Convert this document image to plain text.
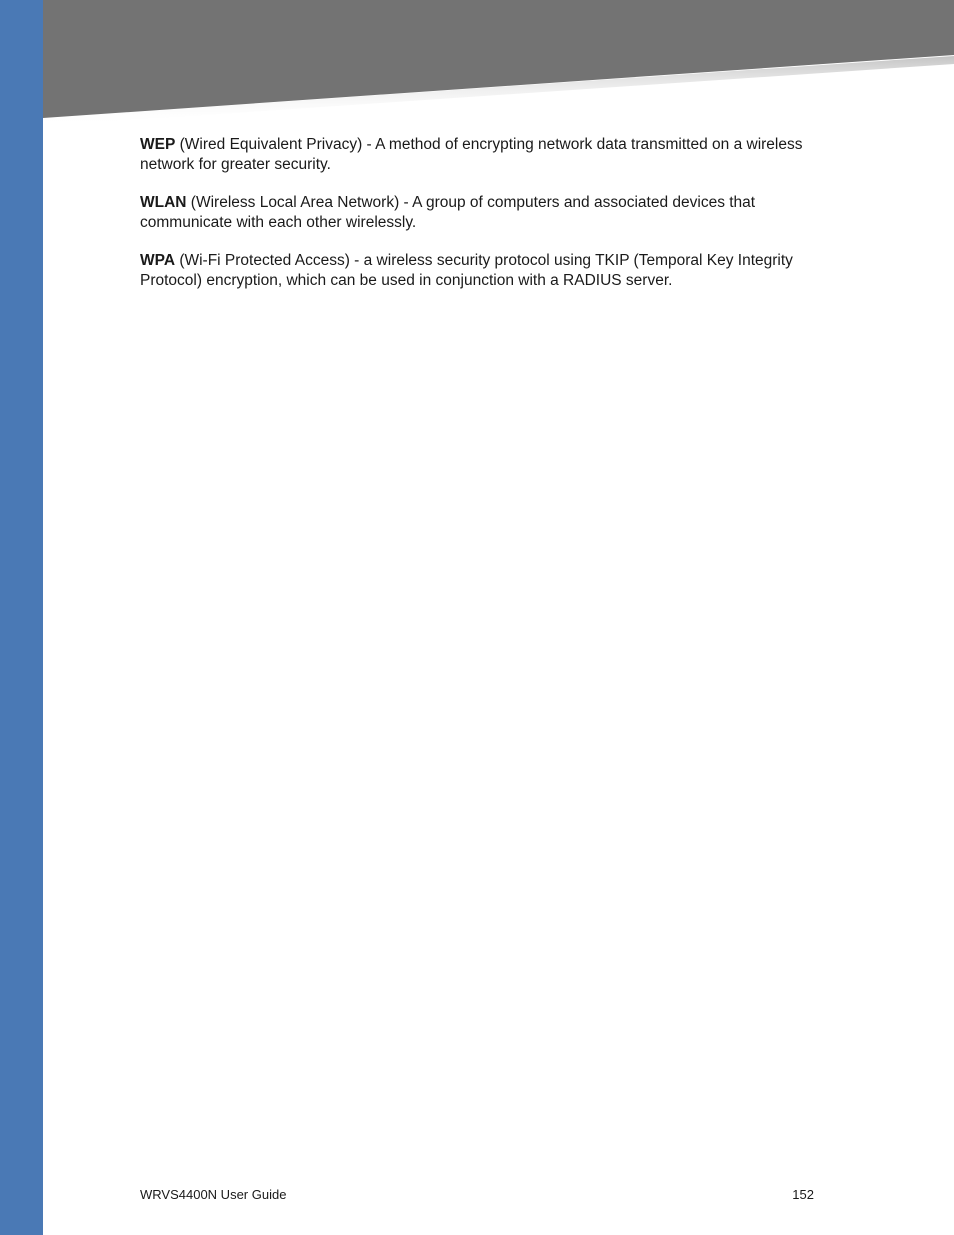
WEP (Wired Equivalent Privacy) - A method of encrypting network data transmitted on a wireless network for greater security.

WLAN (Wireless Local Area Network) - A group of computers and associated devices that communicate with each other wirelessly.

WPA (Wi-Fi Protected Access) - a wireless security protocol using TKIP (Temporal Key Integrity Protocol) encryption, which can be used in conjunction with a RADIUS server.

WRVS4400N User Guide	152
